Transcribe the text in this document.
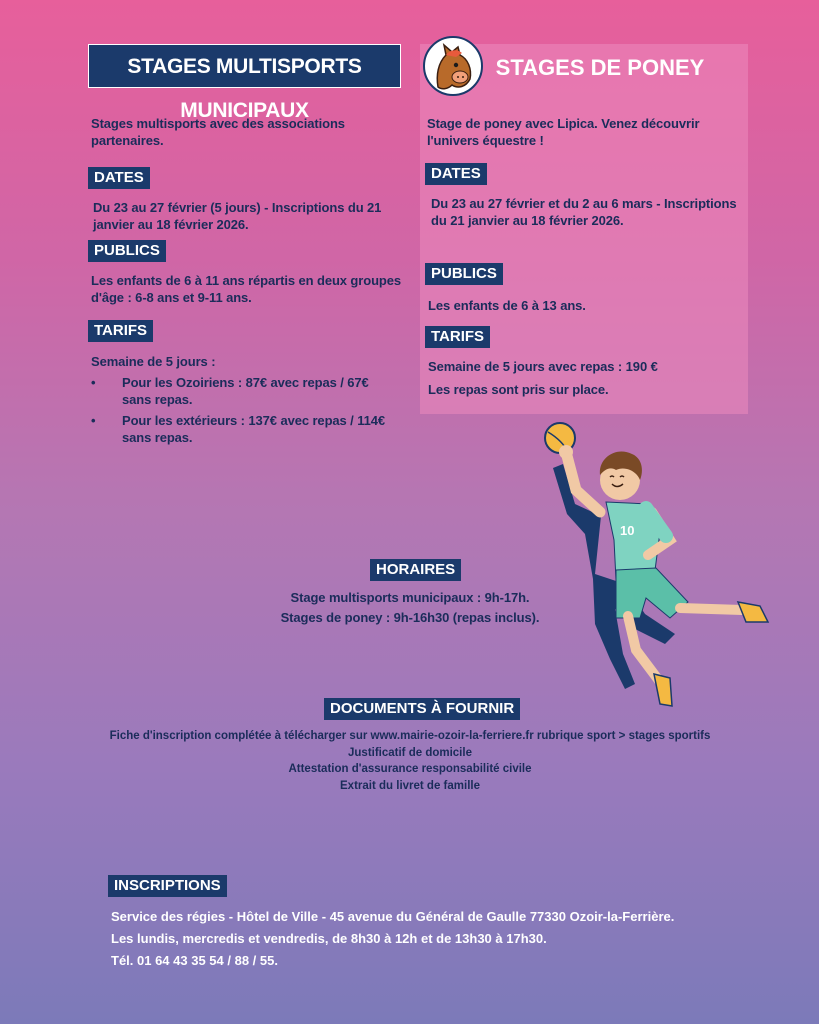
STAGES MULTISPORTS MUNICIPAUX
Stages multisports avec des associations partenaires.
DATES
Du 23 au 27 février (5 jours) - Inscriptions du 21 janvier au 18 février 2026.
PUBLICS
Les enfants de 6 à 11 ans répartis en deux groupes d'âge : 6-8 ans et 9-11 ans.
TARIFS
Semaine de 5 jours :
• Pour les Ozoiriens : 87€ avec repas / 67€ sans repas.
• Pour les extérieurs : 137€ avec repas / 114€ sans repas.
STAGES DE PONEY
Stage de poney avec Lipica. Venez découvrir l'univers équestre !
DATES
Du 23 au 27 février et du 2 au 6 mars - Inscriptions du 21 janvier au 18 février 2026.
PUBLICS
Les enfants de 6 à 13 ans.
TARIFS
Semaine de 5 jours avec repas : 190 €
Les repas sont pris sur place.
10
HORAIRES
Stage multisports municipaux : 9h-17h.
Stages de poney : 9h-16h30 (repas inclus).
DOCUMENTS À FOURNIR
Fiche d'inscription complétée à télécharger sur www.mairie-ozoir-la-ferriere.fr rubrique sport > stages sportifs
Justificatif de domicile
Attestation d'assurance responsabilité civile
Extrait du livret de famille
INSCRIPTIONS
Service des régies - Hôtel de Ville - 45 avenue du Général de Gaulle 77330 Ozoir-la-Ferrière.
Les lundis, mercredis et vendredis, de 8h30 à 12h et de 13h30 à 17h30.
Tél. 01 64 43 35 54 / 88 / 55.
